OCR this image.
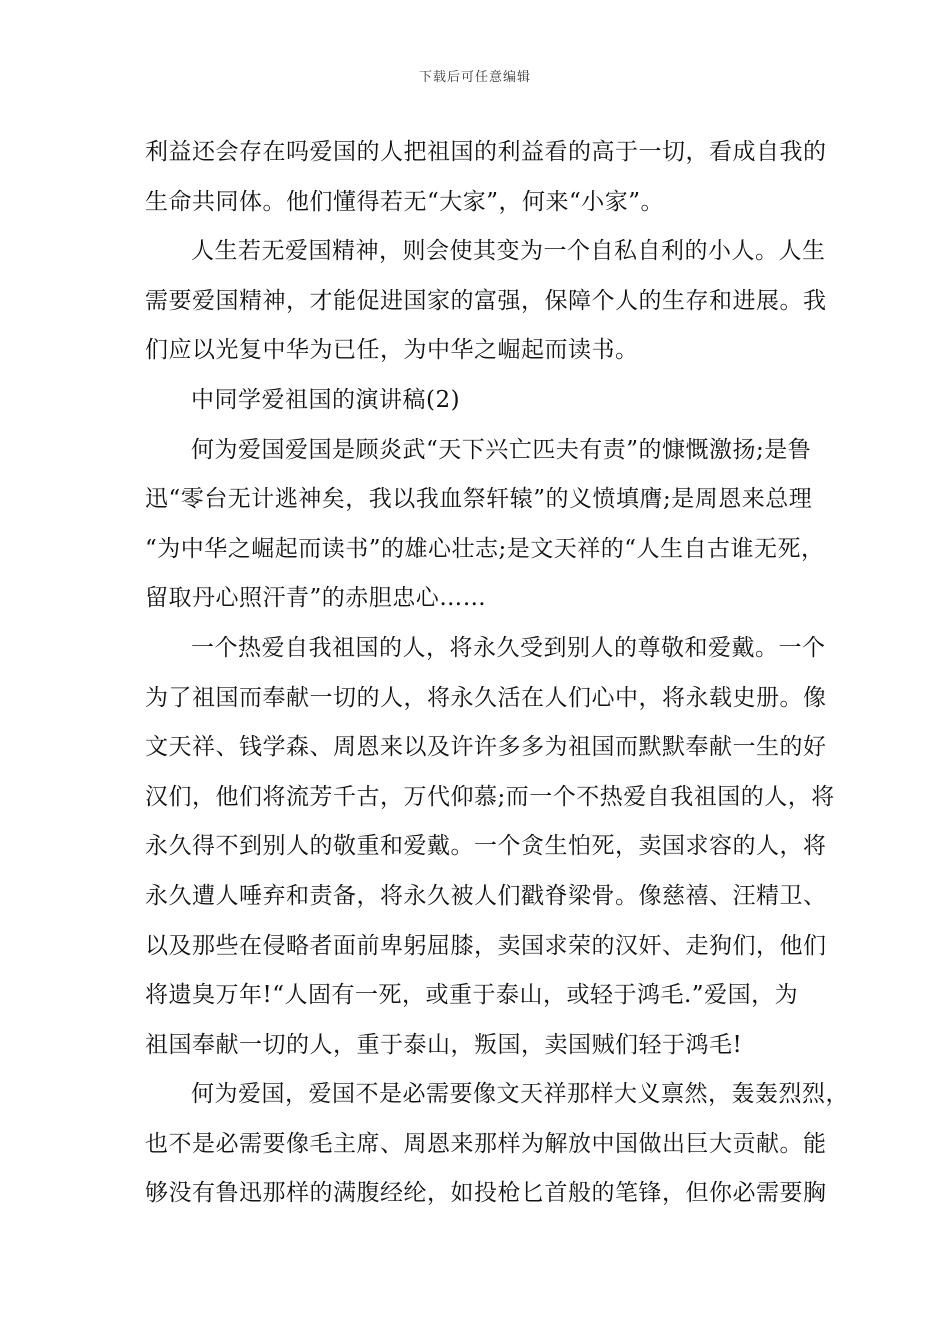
下载后可任意编辑
利益还会存在吗爱国的人把祖国的利益看的高于一切，看成自我的
生命共同体。他们懂得若无“大家”，何来“小家”。
人生若无爱国精神，则会使其变为一个自私自利的小人。人生
需要爱国精神，才能促进国家的富强，保障个人的生存和进展。我
们应以光复中华为已任，为中华之崛起而读书。
中同学爱祖国的演讲稿(2)
何为爱国爱国是顾炎武“天下兴亡匹夫有责”的慷慨激扬;是鲁
迅“零台无计逃神矣，我以我血祭轩辕”的义愤填膺;是周恩来总理
“为中华之崛起而读书”的雄心壮志;是文天祥的“人生自古谁无死，
留取丹心照汗青”的赤胆忠心……
一个热爱自我祖国的人，将永久受到别人的尊敬和爱戴。一个
为了祖国而奉献一切的人，将永久活在人们心中，将永载史册。像
文天祥、钱学森、周恩来以及许许多多为祖国而默默奉献一生的好
汉们，他们将流芳千古，万代仰慕;而一个不热爱自我祖国的人，将
永久得不到别人的敬重和爱戴。一个贪生怕死，卖国求容的人，将
永久遭人唾弃和责备，将永久被人们戳脊梁骨。像慈禧、汪精卫、
以及那些在侵略者面前卑躬屈膝，卖国求荣的汉奸、走狗们，他们
将遗臭万年!“人固有一死，或重于泰山，或轻于鸿毛.”爱国，为
祖国奉献一切的人，重于泰山，叛国，卖国贼们轻于鸿毛!
何为爱国，爱国不是必需要像文天祥那样大义禀然，轰轰烈烈，
也不是必需要像毛主席、周恩来那样为解放中国做出巨大贡献。能
够没有鲁迅那样的满腹经纶，如投枪匕首般的笔锋，但你必需要胸
